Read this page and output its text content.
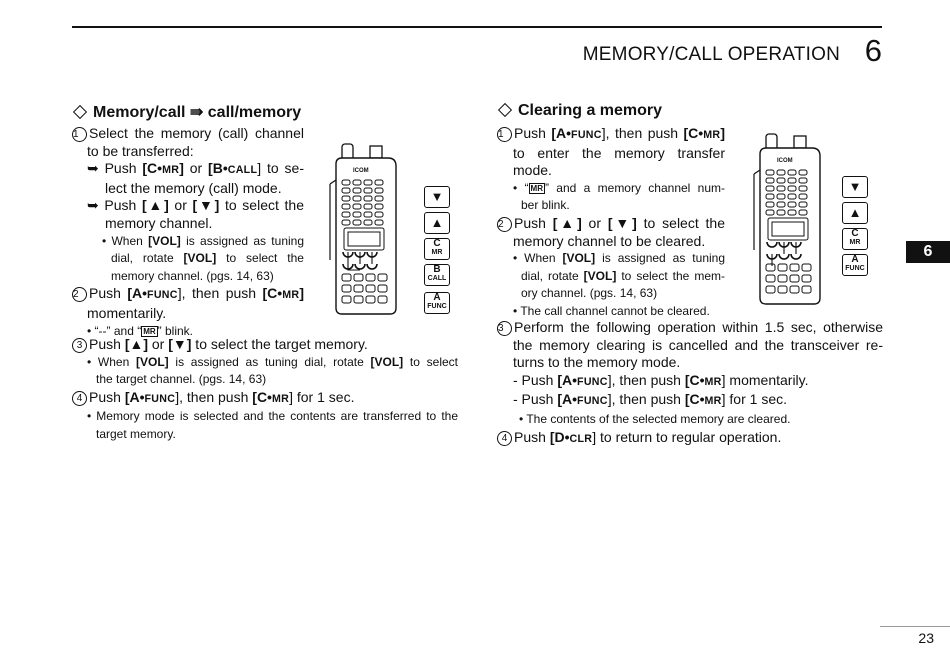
MEMORY/CALL OPERATION 6
6
Memory/call ⇛ call/memory
1 Select the memory (call) channel
to be transferred:
➥ Push [C•MR] or [B•CALL] to se-
lect the memory (call) mode.
➥ Push [▲] or [▼] to select the
memory channel.
• When [VOL] is assigned as tuning
dial, rotate [VOL] to select the
memory channel. (pgs. 14, 63)
2 Push [A•FUNC], then push [C•MR]
momentarily.
• “--” and “ MR ” blink.
3 Push [▲] or [▼] to select the target memory.
• When [VOL] is assigned as tuning dial, rotate [VOL] to select
the target channel. (pgs. 14, 63)
4 Push [A•FUNC], then push [C•MR] for 1 sec.
• Memory mode is selected and the contents are transferred to the
target memory.
ICOM
▼
▲
C
MR
B
CALL
A
FUNC
Clearing a memory
1 Push [A•FUNC], then push [C•MR]
to enter the memory transfer
mode.
• “ MR ” and a memory channel num-
ber blink.
2 Push [▲] or [▼] to select the
memory channel to be cleared.
• When [VOL] is assigned as tuning
dial, rotate [VOL] to select the mem-
ory channel. (pgs. 14, 63)
• The call channel cannot be cleared.
3 Perform the following operation within 1.5 sec, otherwise
the memory clearing is cancelled and the transceiver re-
turns to the memory mode.
- Push [A•FUNC], then push [C•MR] momentarily.
- Push [A•FUNC], then push [C•MR] for 1 sec.
• The contents of the selected memory are cleared.
4 Push [D•CLR] to return to regular operation.
ICOM
▼
▲
C
MR
A
FUNC
23
